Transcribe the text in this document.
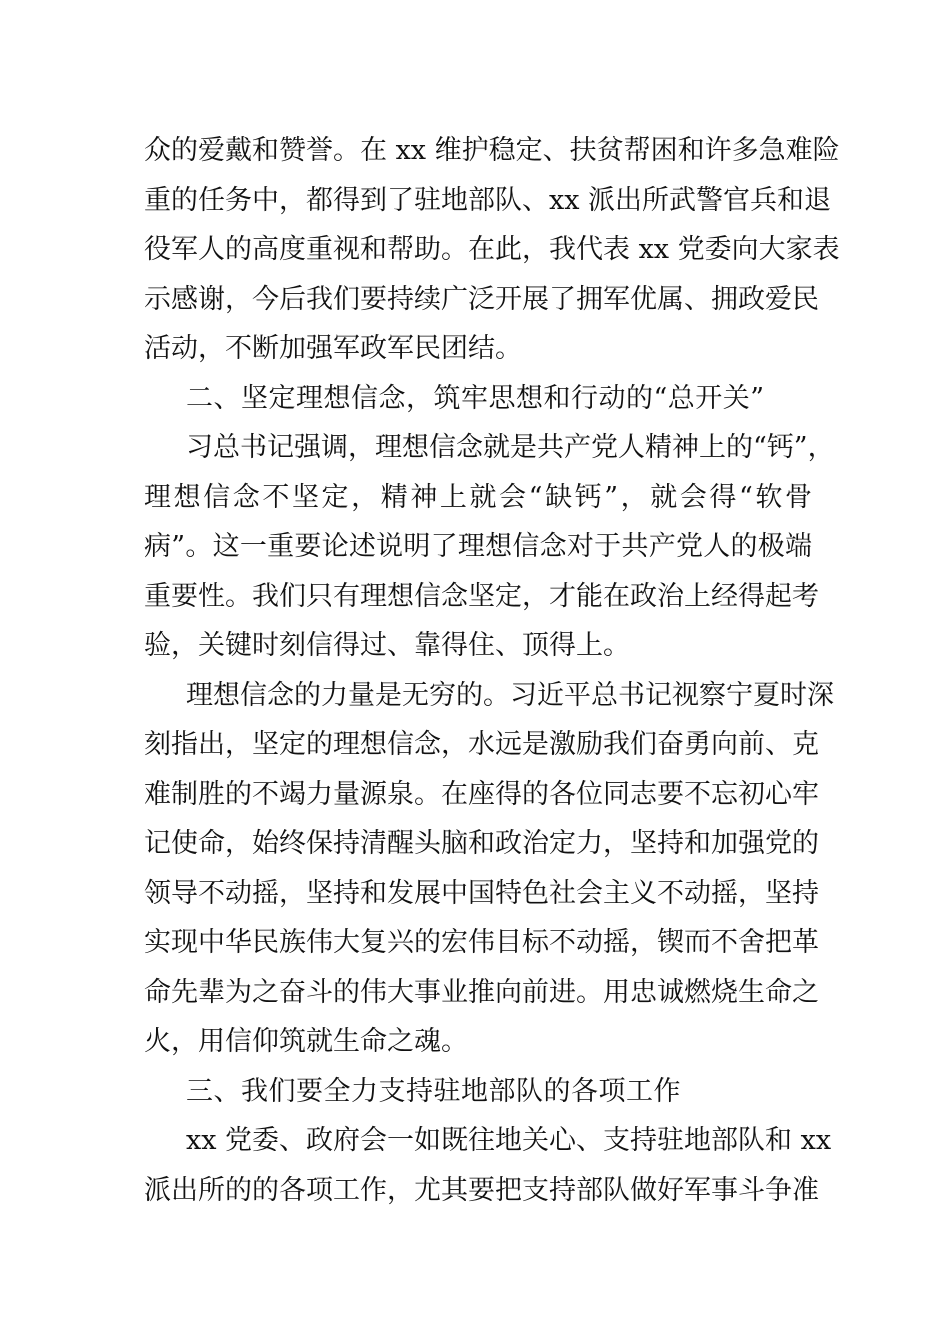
众的爱戴和赞誉。在 xx 维护稳定、扶贫帮困和许多急难险
重的任务中，都得到了驻地部队、xx 派出所武警官兵和退
役军人的高度重视和帮助。在此，我代表 xx 党委向大家表
示感谢，今后我们要持续广泛开展了拥军优属、拥政爱民
活动，不断加强军政军民团结。
二、坚定理想信念，筑牢思想和行动的“总开关”
习总书记强调，理想信念就是共产党人精神上的“钙”，
理想信念不坚定，精神上就会“缺钙”，就会得“软骨
病”。这一重要论述说明了理想信念对于共产党人的极端
重要性。我们只有理想信念坚定，才能在政治上经得起考
验，关键时刻信得过、靠得住、顶得上。
理想信念的力量是无穷的。习近平总书记视察宁夏时深
刻指出，坚定的理想信念，水远是激励我们奋勇向前、克
难制胜的不竭力量源泉。在座得的各位同志要不忘初心牢
记使命，始终保持清醒头脑和政治定力，坚持和加强党的
领导不动摇，坚持和发展中国特色社会主义不动摇，坚持
实现中华民族伟大复兴的宏伟目标不动摇，锲而不舍把革
命先辈为之奋斗的伟大事业推向前进。用忠诚燃烧生命之
火，用信仰筑就生命之魂。
三、我们要全力支持驻地部队的各项工作
xx 党委、政府会一如既往地关心、支持驻地部队和 xx
派出所的的各项工作，尤其要把支持部队做好军事斗争准
